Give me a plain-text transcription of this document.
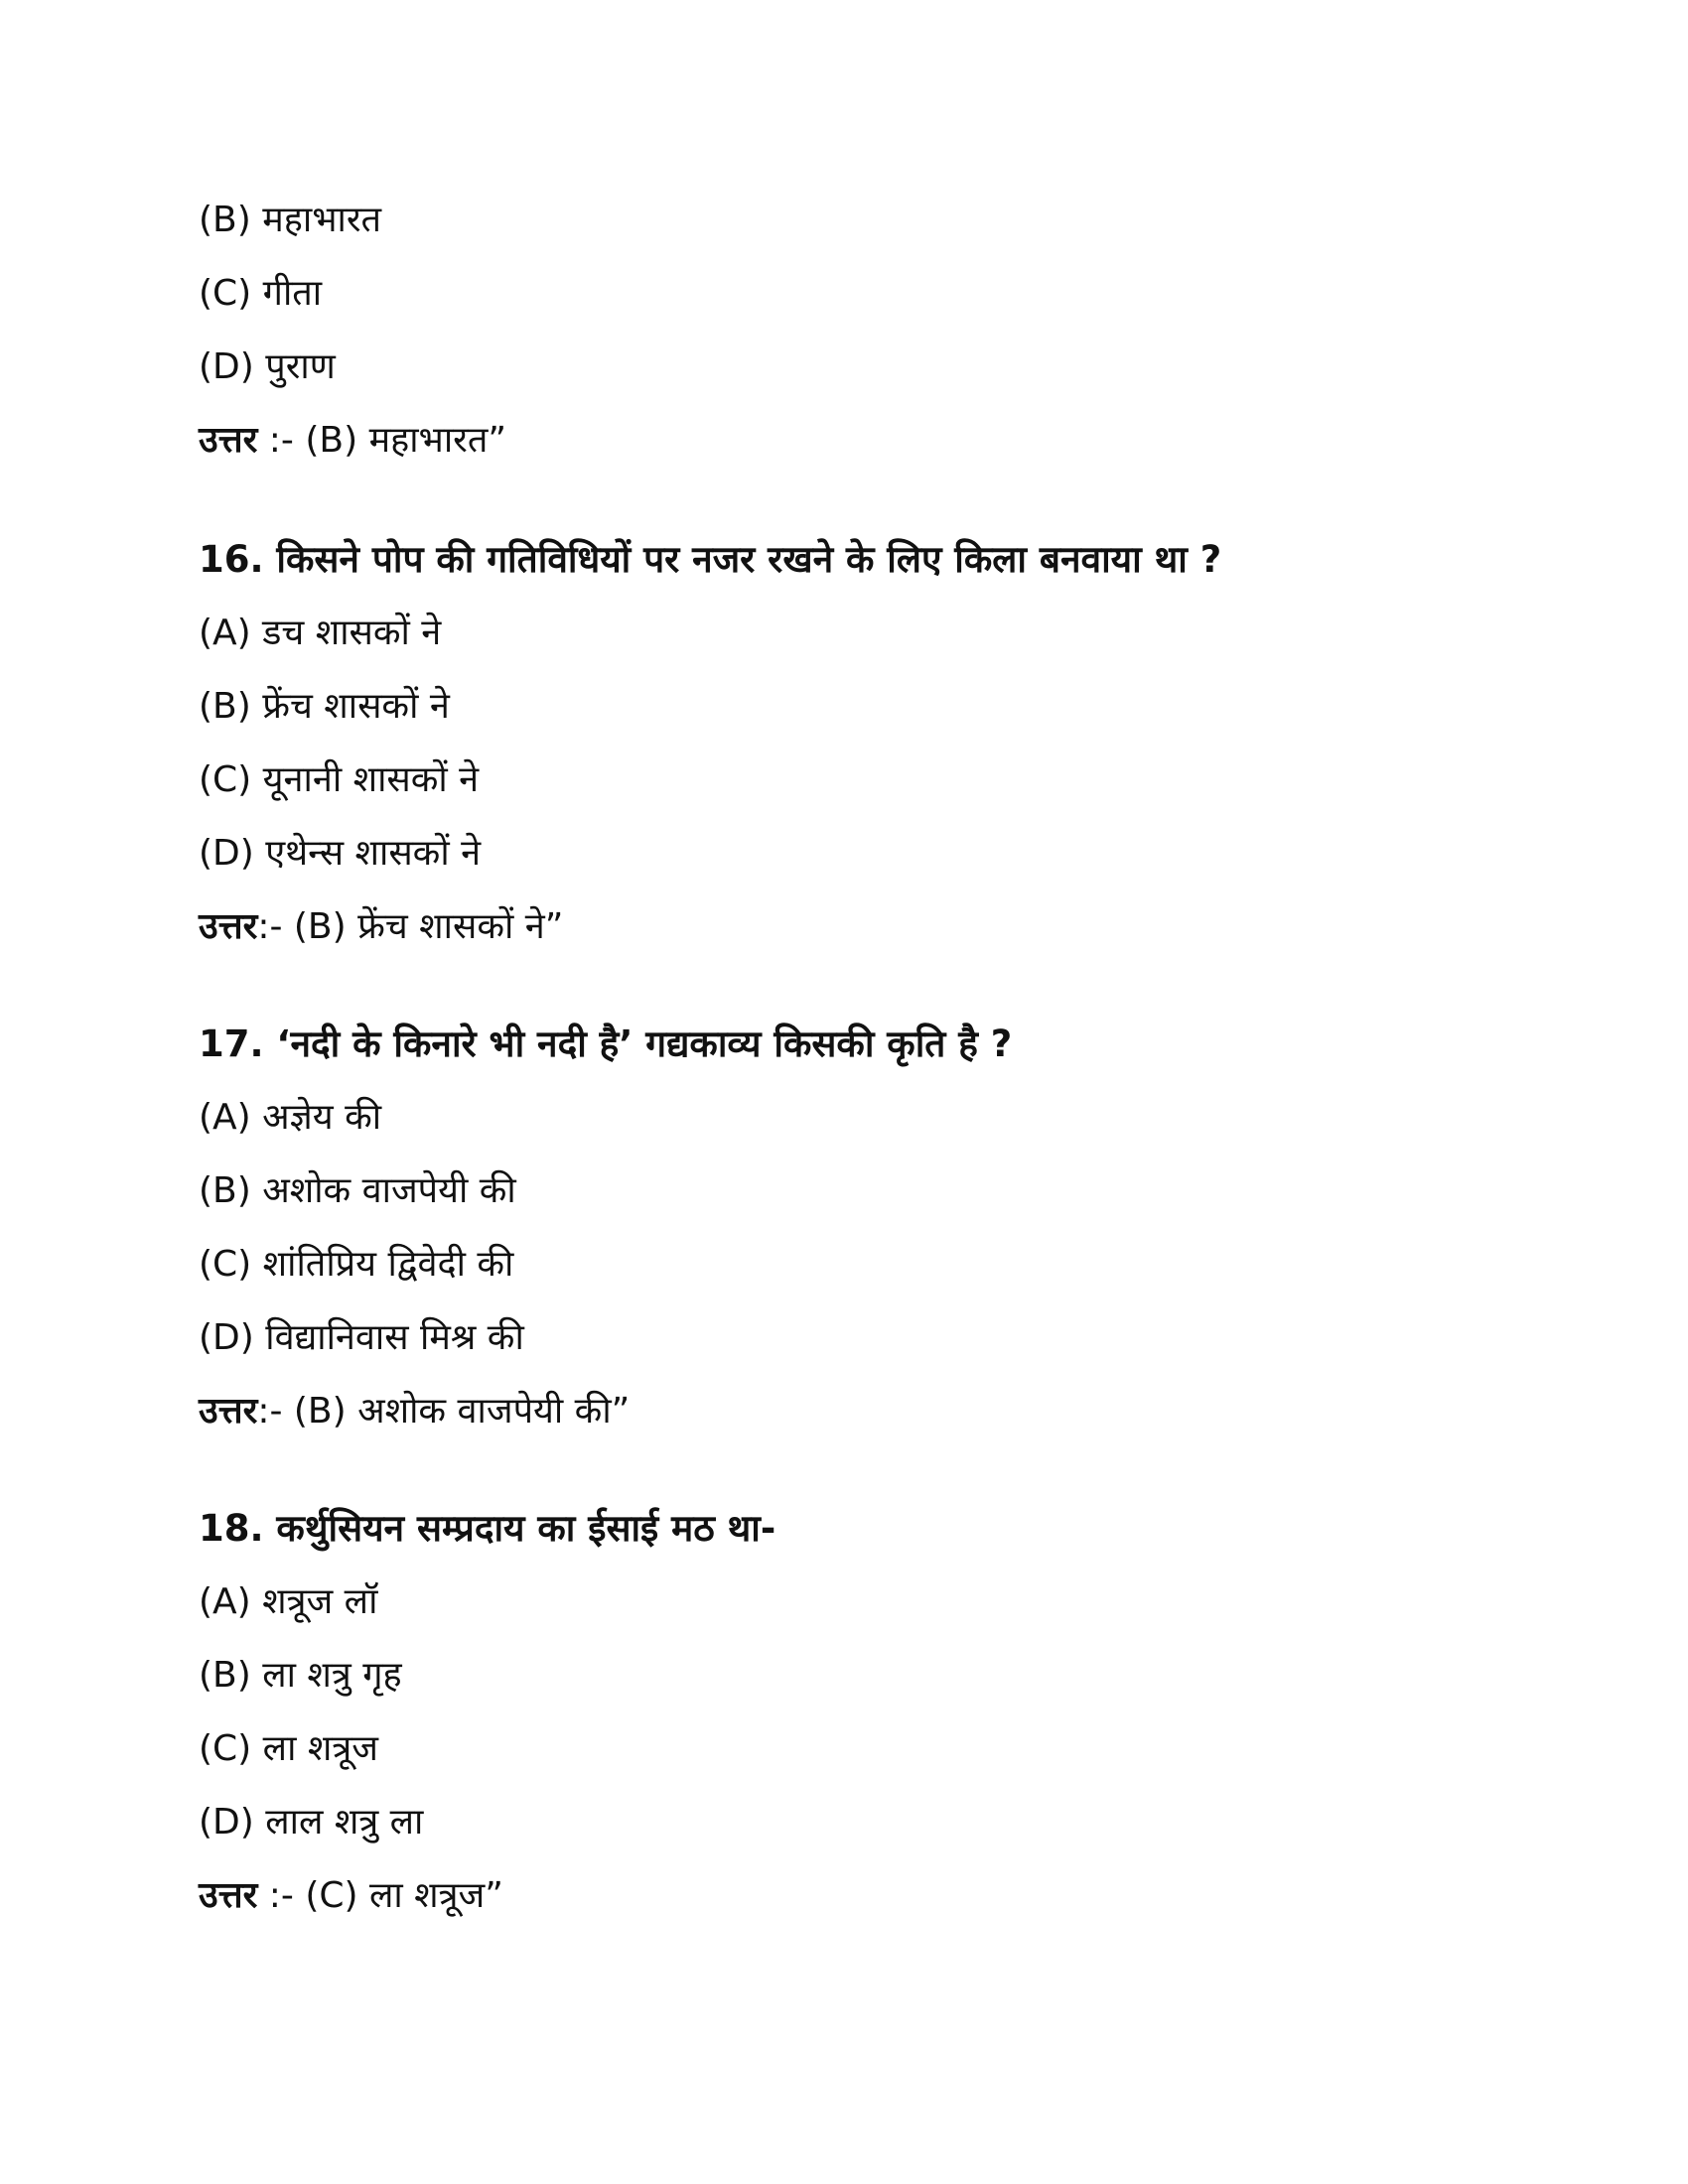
(B) महाभारत
(C) गीता
(D) पुराण
उत्तर :- (B) महाभारत”
16. किसने पोप की गतिविधियों पर नजर रखने के लिए किला बनवाया था ?
(A) डच शासकों ने
(B) फ्रेंच शासकों ने
(C) यूनानी शासकों ने
(D) एथेन्स शासकों ने
उत्तर:- (B) फ्रेंच शासकों ने”
17. ‘नदी के किनारे भी नदी है’ गद्यकाव्य किसकी कृति है ?
(A) अज्ञेय की
(B) अशोक वाजपेयी की
(C) शांतिप्रिय द्विवेदी की
(D) विद्यानिवास मिश्र की
उत्तर:- (B) अशोक वाजपेयी की”
18. कर्थुसियन सम्प्रदाय का ईसाई मठ था-
(A) शत्रूज लॉ
(B) ला शत्रु गृह
(C) ला शत्रूज
(D) लाल शत्रु ला
उत्तर :- (C) ला शत्रूज”
